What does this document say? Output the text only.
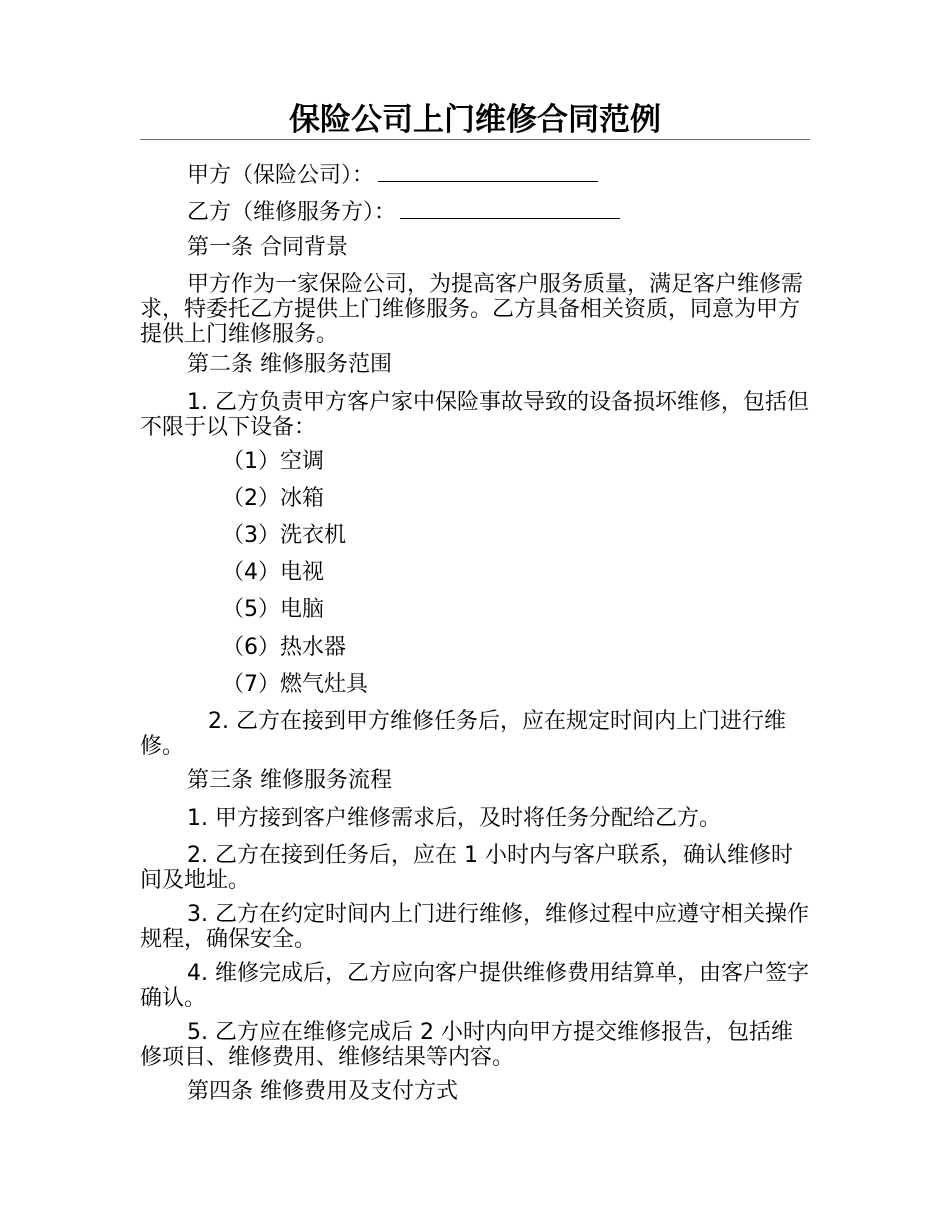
保险公司上门维修合同范例

甲方（保险公司）：

乙方（维修服务方）：

第一条 合同背景

甲方作为一家保险公司，为提高客户服务质量，满足客户维修需求，特委托乙方提供上门维修服务。乙方具备相关资质，同意为甲方提供上门维修服务。

第二条 维修服务范围

1. 乙方负责甲方客户家中保险事故导致的设备损坏维修，包括但不限于以下设备：

（1）空调

（2）冰箱

（3）洗衣机

（4）电视

（5）电脑

（6）热水器

（7）燃气灶具

2. 乙方在接到甲方维修任务后，应在规定时间内上门进行维修。

第三条 维修服务流程

1. 甲方接到客户维修需求后，及时将任务分配给乙方。

2. 乙方在接到任务后，应在 1 小时内与客户联系，确认维修时间及地址。

3. 乙方在约定时间内上门进行维修，维修过程中应遵守相关操作规程，确保安全。

4. 维修完成后，乙方应向客户提供维修费用结算单，由客户签字确认。

5. 乙方应在维修完成后 2 小时内向甲方提交维修报告，包括维修项目、维修费用、维修结果等内容。

第四条 维修费用及支付方式
